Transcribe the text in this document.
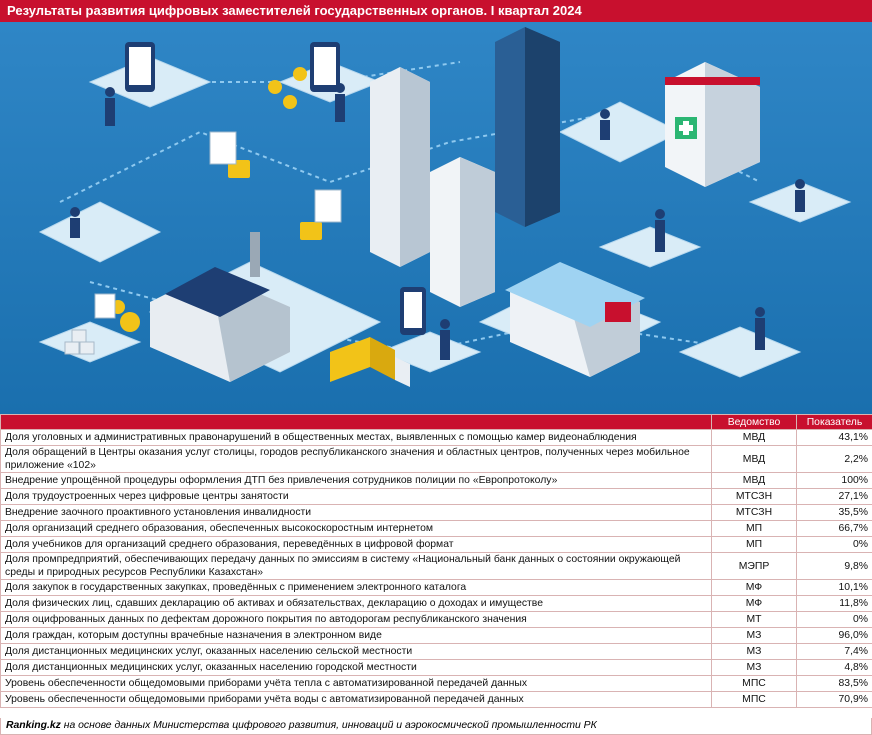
Результаты развития цифровых заместителей государственных органов. I квартал 2024
	Ведомство	Показатель
Доля уголовных и административных правонарушений в общественных местах, выявленных с помощью камер видеонаблюдения	МВД	43,1%
Доля обращений в Центры оказания услуг столицы, городов республиканского значения и областных центров, полученных через мобильное приложение «102»	МВД	2,2%
Внедрение упрощённой процедуры оформления ДТП без привлечения сотрудников полиции по «Европротоколу»	МВД	100%
Доля трудоустроенных через цифровые центры занятости	МТСЗН	27,1%
Внедрение заочного проактивного установления инвалидности	МТСЗН	35,5%
Доля организаций среднего образования, обеспеченных высокоскоростным интернетом	МП	66,7%
Доля учебников для организаций среднего образования, переведённых в цифровой формат	МП	0%
Доля промпредприятий, обеспечивающих передачу данных по эмиссиям в систему «Национальный банк данных о состоянии окружающей среды и природных ресурсов Республики Казахстан»	МЭПР	9,8%
Доля закупок в государственных закупках, проведённых с применением электронного каталога	МФ	10,1%
Доля физических лиц, сдавших декларацию об активах и обязательствах, декларацию о доходах и имуществе	МФ	11,8%
Доля оцифрованных данных по дефектам дорожного покрытия по автодорогам республиканского значения	МТ	0%
Доля граждан, которым доступны врачебные назначения в электронном виде	МЗ	96,0%
Доля дистанционных медицинских услуг, оказанных населению сельской местности	МЗ	7,4%
Доля дистанционных медицинских услуг, оказанных населению городской местности	МЗ	4,8%
Уровень обеспеченности общедомовыми приборами учёта тепла с автоматизированной передачей данных	МПС	83,5%
Уровень обеспеченности общедомовыми приборами учёта воды с автоматизированной передачей данных	МПС	70,9%
Ranking.kz на основе данных Министерства цифрового развития, инноваций и аэрокосмической промышленности РК
